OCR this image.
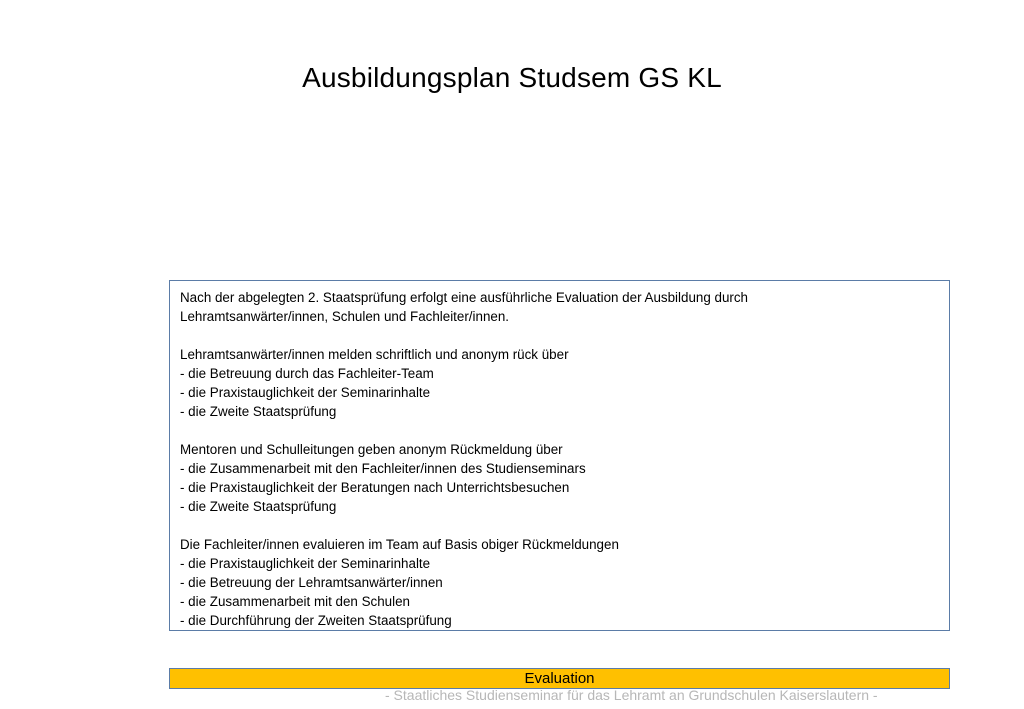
Ausbildungsplan Studsem GS KL

Nach der abgelegten 2. Staatsprüfung erfolgt eine ausführliche Evaluation der Ausbildung durch
Lehramtsanwärter/innen, Schulen und Fachleiter/innen.

Lehramtsanwärter/innen melden schriftlich und anonym rück über
- die Betreuung durch das Fachleiter-Team
- die Praxistauglichkeit der Seminarinhalte
- die Zweite Staatsprüfung

Mentoren und Schulleitungen geben anonym Rückmeldung über
- die Zusammenarbeit mit den Fachleiter/innen des Studienseminars
- die Praxistauglichkeit der Beratungen nach Unterrichtsbesuchen
- die Zweite Staatsprüfung

Die Fachleiter/innen evaluieren im Team auf Basis obiger Rückmeldungen
- die Praxistauglichkeit der Seminarinhalte
- die Betreuung der Lehramtsanwärter/innen
- die Zusammenarbeit mit den Schulen
- die Durchführung der Zweiten Staatsprüfung

Evaluation
- Staatliches Studienseminar für das Lehramt an Grundschulen Kaiserslautern -
